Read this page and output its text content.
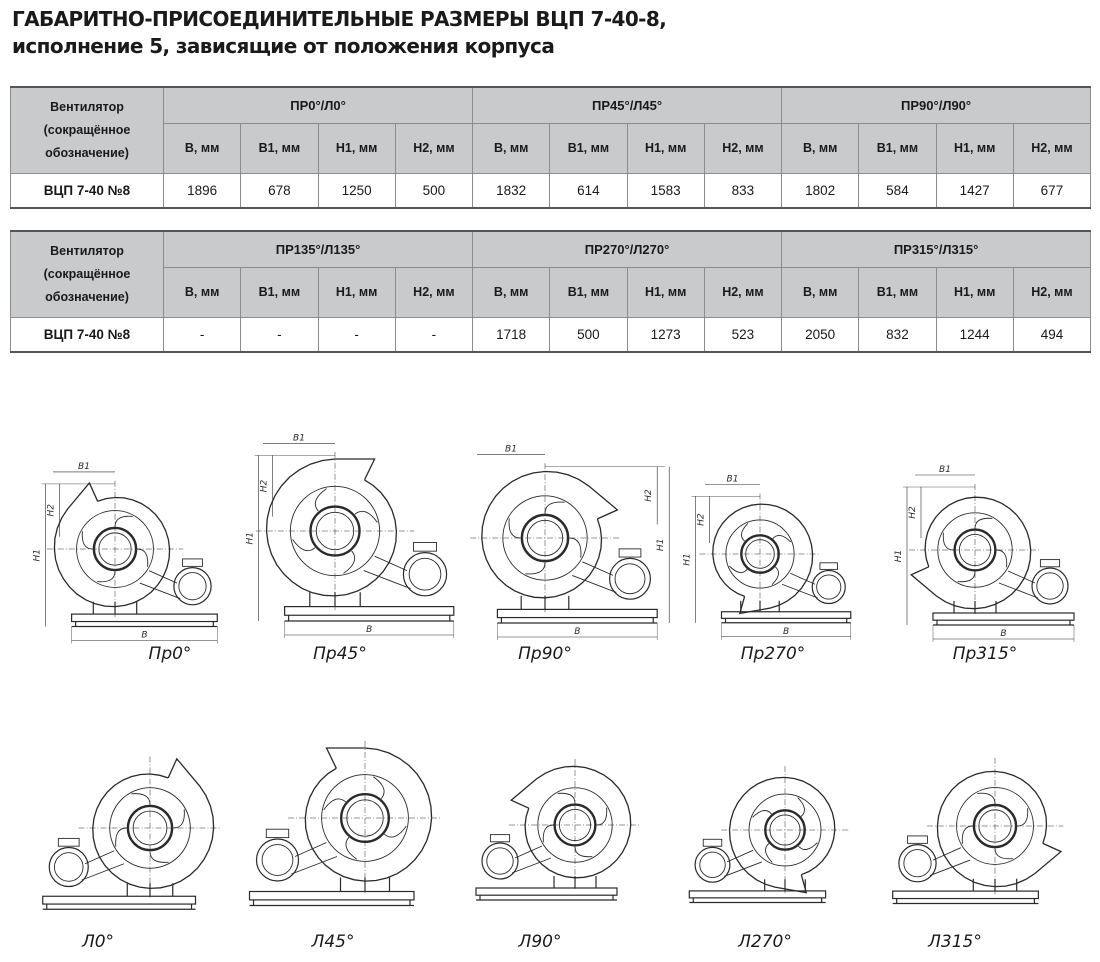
ГАБАРИТНО-ПРИСОЕДИНИТЕЛЬНЫЕ РАЗМЕРЫ ВЦП 7-40-8,
исполнение 5, зависящие от положения корпуса
Вентилятор
(сокращённое
обозначение)	ПР0°/Л0°				ПР45°/Л45°				ПР90°/Л90°			
	В, мм	В1, мм	Н1, мм	Н2, мм	В, мм	В1, мм	Н1, мм	Н2, мм	В, мм	В1, мм	Н1, мм	Н2, мм
ВЦП 7-40 №8	1896	678	1250	500	1832	614	1583	833	1802	584	1427	677
Вентилятор
(сокращённое
обозначение)	ПР135°/Л135°				ПР270°/Л270°				ПР315°/Л315°			
	В, мм	В1, мм	Н1, мм	Н2, мм	В, мм	В1, мм	Н1, мм	Н2, мм	В, мм	В1, мм	Н1, мм	Н2, мм
ВЦП 7-40 №8	-	-	-	-	1718	500	1273	523	2050	832	1244	494
Н1
Н2
В1
В
Н1
Н2
В1
В
Н1
Н2
В1
В
Н1
Н2
В1
В
Н1
Н2
В1
В
Пр0°	Пр45°	Пр90°	Пр270°	Пр315°
Л0°	Л45°	Л90°	Л270°	Л315°
